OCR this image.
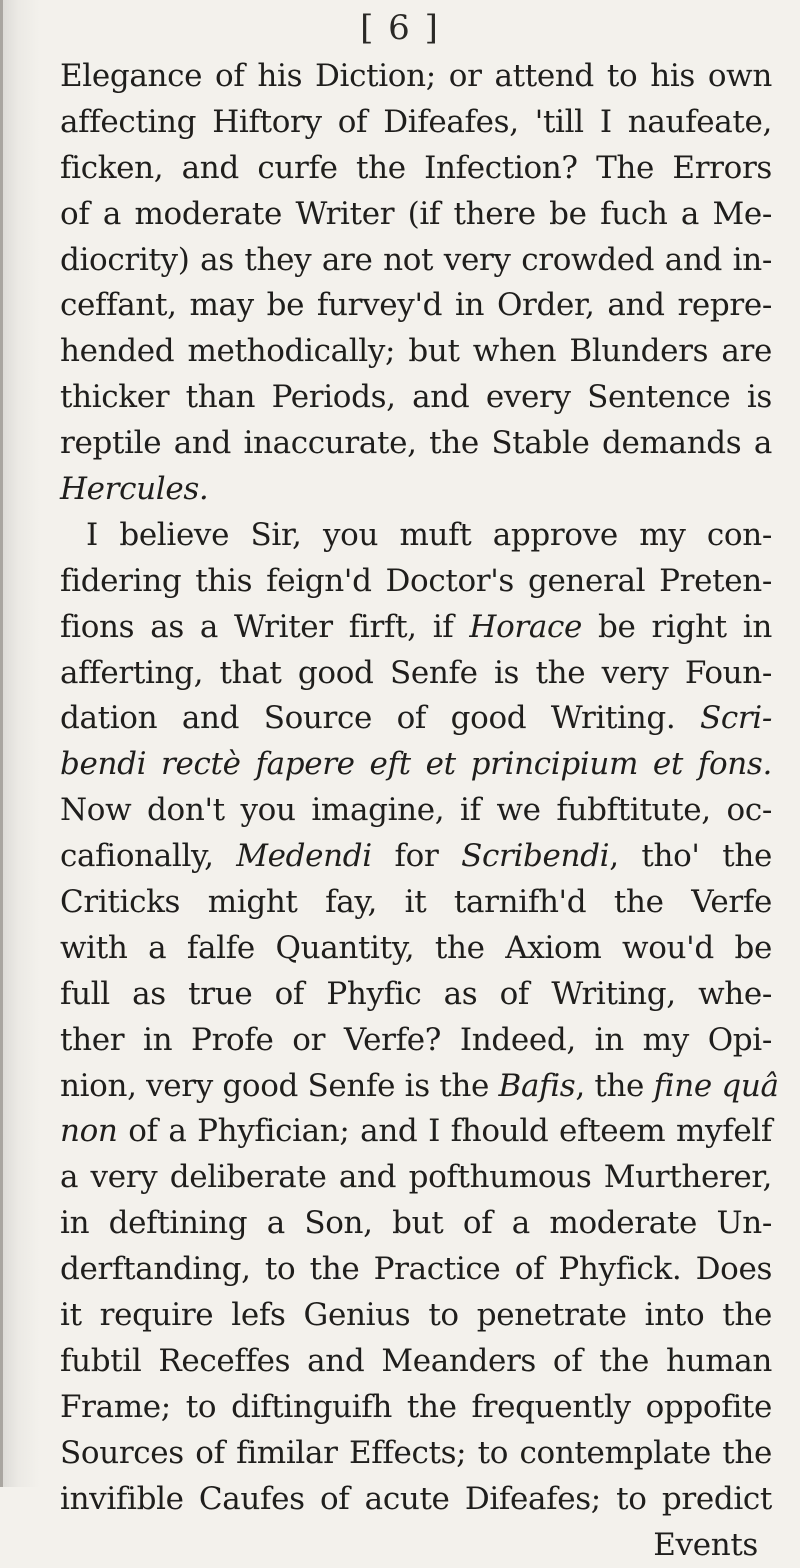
[ 6 ]
Elegance of his Diction; or attend to his own
affecting Hiftory of Difeafes, 'till I naufeate,
ficken, and curfe the Infection? The Errors
of a moderate Writer (if there be fuch a Me-
diocrity) as they are not very crowded and in-
ceffant, may be furvey'd in Order, and repre-
hended methodically; but when Blunders are
thicker than Periods, and every Sentence is
reptile and inaccurate, the Stable demands a
Hercules.
I believe Sir, you muft approve my con-
fidering this feign'd Doctor's general Preten-
fions as a Writer firft, if Horace be right in
afferting, that good Senfe is the very Foun-
dation and Source of good Writing. Scri-
bendi rectè fapere eft et principium et fons.
Now don't you imagine, if we fubftitute, oc-
cafionally, Medendi for Scribendi, tho' the
Criticks might fay, it tarnifh'd the Verfe
with a falfe Quantity, the Axiom wou'd be
full as true of Phyfic as of Writing, whe-
ther in Profe or Verfe? Indeed, in my Opi-
nion, very good Senfe is the Bafis, the fine quâ
non of a Phyfician; and I fhould efteem myfelf
a very deliberate and pofthumous Murtherer,
in deftining a Son, but of a moderate Un-
derftanding, to the Practice of Phyfick. Does
it require lefs Genius to penetrate into the
fubtil Receffes and Meanders of the human
Frame; to diftinguifh the frequently oppofite
Sources of fimilar Effects; to contemplate the
invifible Caufes of acute Difeafes; to predict
Events
